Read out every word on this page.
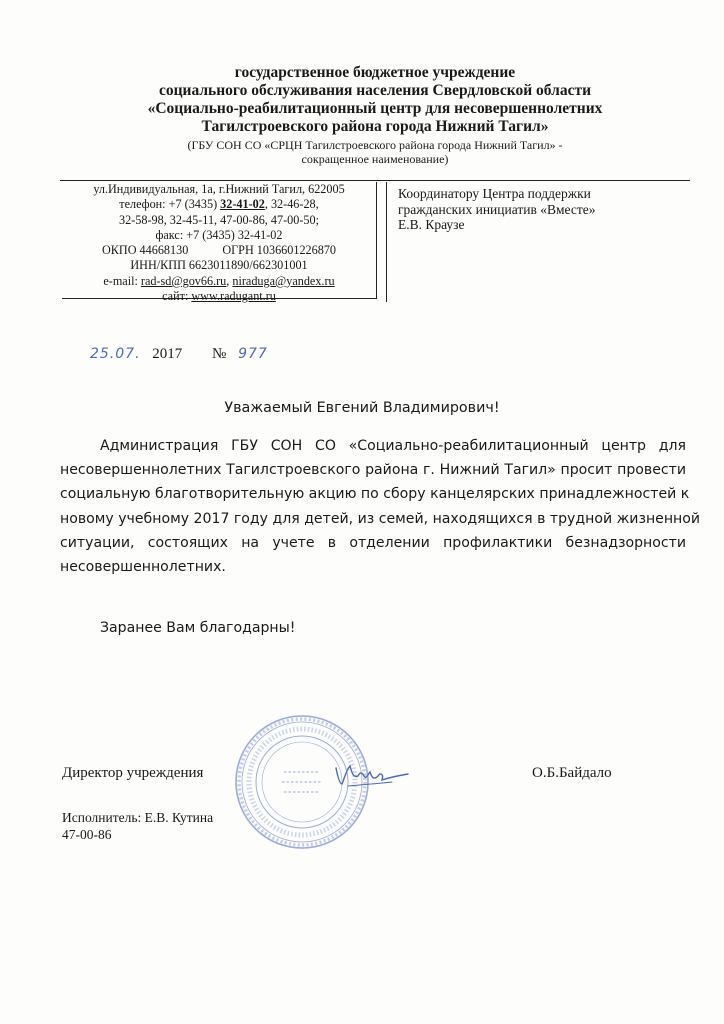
государственное бюджетное учреждение
социального обслуживания населения Свердловской области
«Социально-реабилитационный центр для несовершеннолетних
Тагилстроевского района города Нижний Тагил»
(ГБУ СОН СО «СРЦН Тагилстроевского района города Нижний Тагил» -
сокращенное наименование)
ул.Индивидуальная, 1а, г.Нижний Тагил, 622005
телефон: +7 (3435) 32-41-02, 32-46-28,
32-58-98, 32-45-11, 47-00-86, 47-00-50;
факс: +7 (3435) 32-41-02
ОКПО 44668130	ОГРН 1036601226870
ИНН/КПП 6623011890/662301001
e-mail: rad-sd@gov66.ru, niraduga@yandex.ru
сайт: www.radugant.ru
Координатору Центра поддержки
гражданских инициатив «Вместе»
Е.В. Краузе
25.07. 2017 № 977
Уважаемый Евгений Владимирович!
Администрация ГБУ СОН СО «Социально-реабилитационный центр для
несовершеннолетних Тагилстроевского района г. Нижний Тагил» просит провести
социальную благотворительную акцию по сбору канцелярских принадлежностей к
новому учебному 2017 году для детей, из семей, находящихся в трудной жизненной
ситуации, состоящих на учете в отделении профилактики безнадзорности
несовершеннолетних.
Заранее Вам благодарны!
Директор учреждения	О.Б.Байдало
Исполнитель: Е.В. Кутина
47-00-86
